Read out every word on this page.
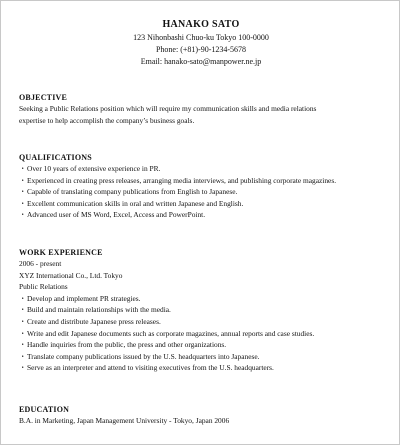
HANAKO SATO
123 Nihonbashi Chuo-ku Tokyo 100-0000
Phone: (+81)-90-1234-5678
Email: hanako-sato@manpower.ne.jp
OBJECTIVE
Seeking a Public Relations position which will require my communication skills and media relations
expertise to help accomplish the company’s business goals.
QUALIFICATIONS
・Over 10 years of extensive experience in PR.
・Experienced in creating press releases, arranging media interviews, and publishing corporate magazines.
・Capable of translating company publications from English to Japanese.
・Excellent communication skills in oral and written Japanese and English.
・Advanced user of MS Word, Excel, Access and PowerPoint.
WORK EXPERIENCE
2006 - present
XYZ International Co., Ltd. Tokyo
Public Relations
・Develop and implement PR strategies.
・Build and maintain relationships with the media.
・Create and distribute Japanese press releases.
・Write and edit Japanese documents such as corporate magazines, annual reports and case studies.
・Handle inquiries from the public, the press and other organizations.
・Translate company publications issued by the U.S. headquarters into Japanese.
・Serve as an interpreter and attend to visiting executives from the U.S. headquarters.
EDUCATION
B.A. in Marketing, Japan Management University - Tokyo, Japan 2006
